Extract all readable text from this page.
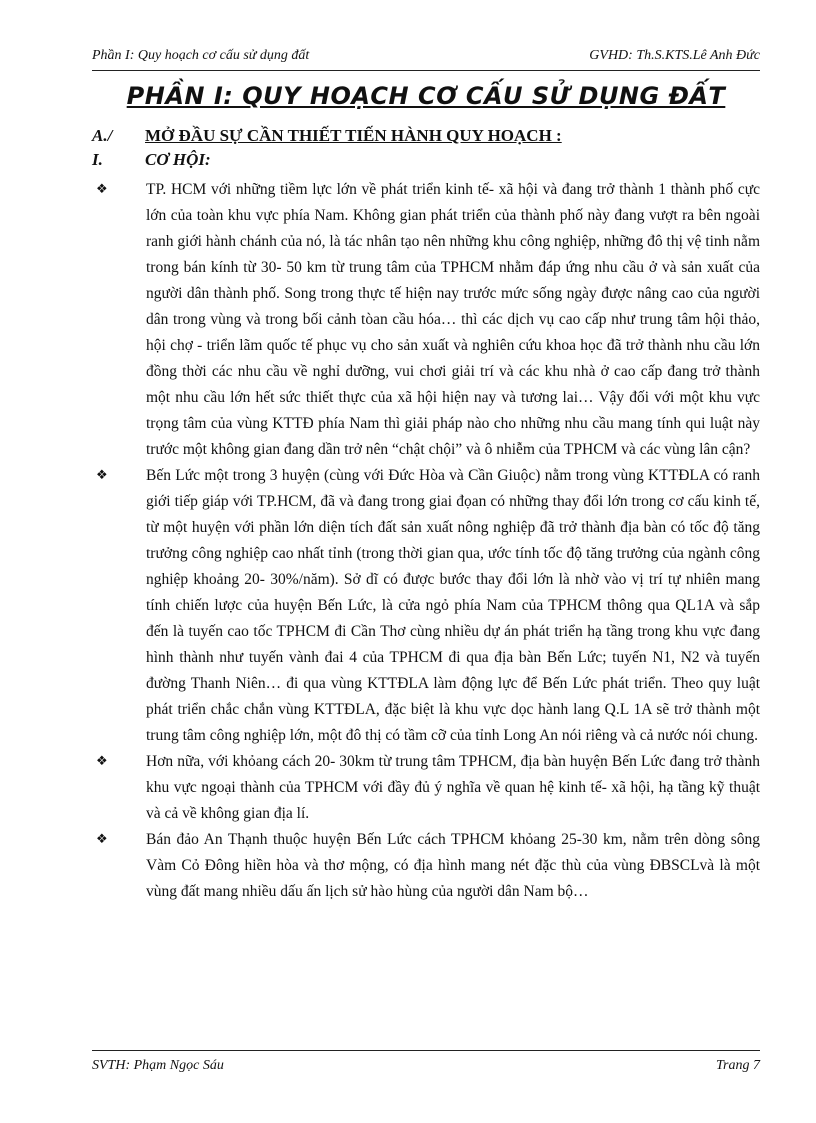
Phần I: Quy hoạch cơ cấu sử dụng đất	GVHD: Th.S.KTS.Lê Anh Đức
PHẦN I: QUY HOẠCH CƠ CẤU SỬ DỤNG ĐẤT
A./ MỞ ĐẦU SỰ CẦN THIẾT TIẾN HÀNH QUY HOẠCH :
I. CƠ HỘI:
❖ TP. HCM với những tiềm lực lớn về phát triển kinh tế- xã hội và đang trở thành 1 thành phố cực lớn của toàn khu vực phía Nam. Không gian phát triển của thành phố này đang vượt ra bên ngoài ranh giới hành chánh của nó, là tác nhân tạo nên những khu công nghiệp, những đô thị vệ tinh nằm trong bán kính từ 30- 50 km từ trung tâm của TPHCM nhằm đáp ứng nhu cầu ở và sản xuất của người dân thành phố. Song trong thực tế hiện nay trước mức sống ngày được nâng cao của người dân trong vùng và trong bối cảnh tòan cầu hóa… thì các dịch vụ cao cấp như trung tâm hội thảo, hội chợ - triển lãm quốc tế phục vụ cho sản xuất và nghiên cứu khoa học đã trở thành nhu cầu lớn đồng thời các nhu cầu về nghỉ dưỡng, vui chơi giải trí và các khu nhà ở cao cấp đang trở thành một nhu cầu lớn hết sức thiết thực của xã hội hiện nay và tương lai… Vậy đối với một khu vực trọng tâm của vùng KTTĐ phía Nam thì giải pháp nào cho những nhu cầu mang tính qui luật này trước một không gian đang dần trở nên “chật chội” và ô nhiễm của TPHCM và các vùng lân cận?

❖ Bến Lức một trong 3 huyện (cùng với Đức Hòa và Cần Giuộc) nằm trong vùng KTTĐLA có ranh giới tiếp giáp với TP.HCM, đã và đang trong giai đọan có những thay đổi lớn trong cơ cấu kinh tế, từ một huyện với phần lớn diện tích đất sản xuất nông nghiệp đã trở thành địa bàn có tốc độ tăng trưởng công nghiệp cao nhất tỉnh (trong thời gian qua, ước tính tốc độ tăng trưởng của ngành công nghiệp khoảng 20- 30%/năm). Sở dĩ có được bước thay đổi lớn là nhờ vào vị trí tự nhiên mang tính chiến lược của huyện Bến Lức, là cửa ngỏ phía Nam của TPHCM thông qua QL1A và sắp đến là tuyến cao tốc TPHCM đi Cần Thơ cùng nhiều dự án phát triển hạ tầng trong khu vực đang hình thành như tuyến vành đai 4 của TPHCM đi qua địa bàn Bến Lức; tuyến N1, N2 và tuyến đường Thanh Niên… đi qua vùng KTTĐLA làm động lực để Bến Lức phát triển. Theo quy luật phát triển chắc chắn vùng KTTĐLA, đặc biệt là khu vực dọc hành lang Q.L 1A sẽ trở thành một trung tâm công nghiệp lớn, một đô thị có tầm cỡ của tỉnh Long An nói riêng và cả nước nói chung.

❖ Hơn nữa, với khỏang cách 20- 30km từ trung tâm TPHCM, địa bàn huyện Bến Lức đang trở thành khu vực ngoại thành của TPHCM với đầy đủ ý nghĩa về quan hệ kinh tế- xã hội, hạ tầng kỹ thuật và cả về không gian địa lí.

❖ Bán đảo An Thạnh thuộc huyện Bến Lức cách TPHCM khỏang 25-30 km, nằm trên dòng sông Vàm Cỏ Đông hiền hòa và thơ mộng, có địa hình mang nét đặc thù của vùng ĐBSCLvà là một vùng đất mang nhiều dấu ấn lịch sử hào hùng của người dân Nam bộ…

SVTH: Phạm Ngọc Sáu	Trang 7
